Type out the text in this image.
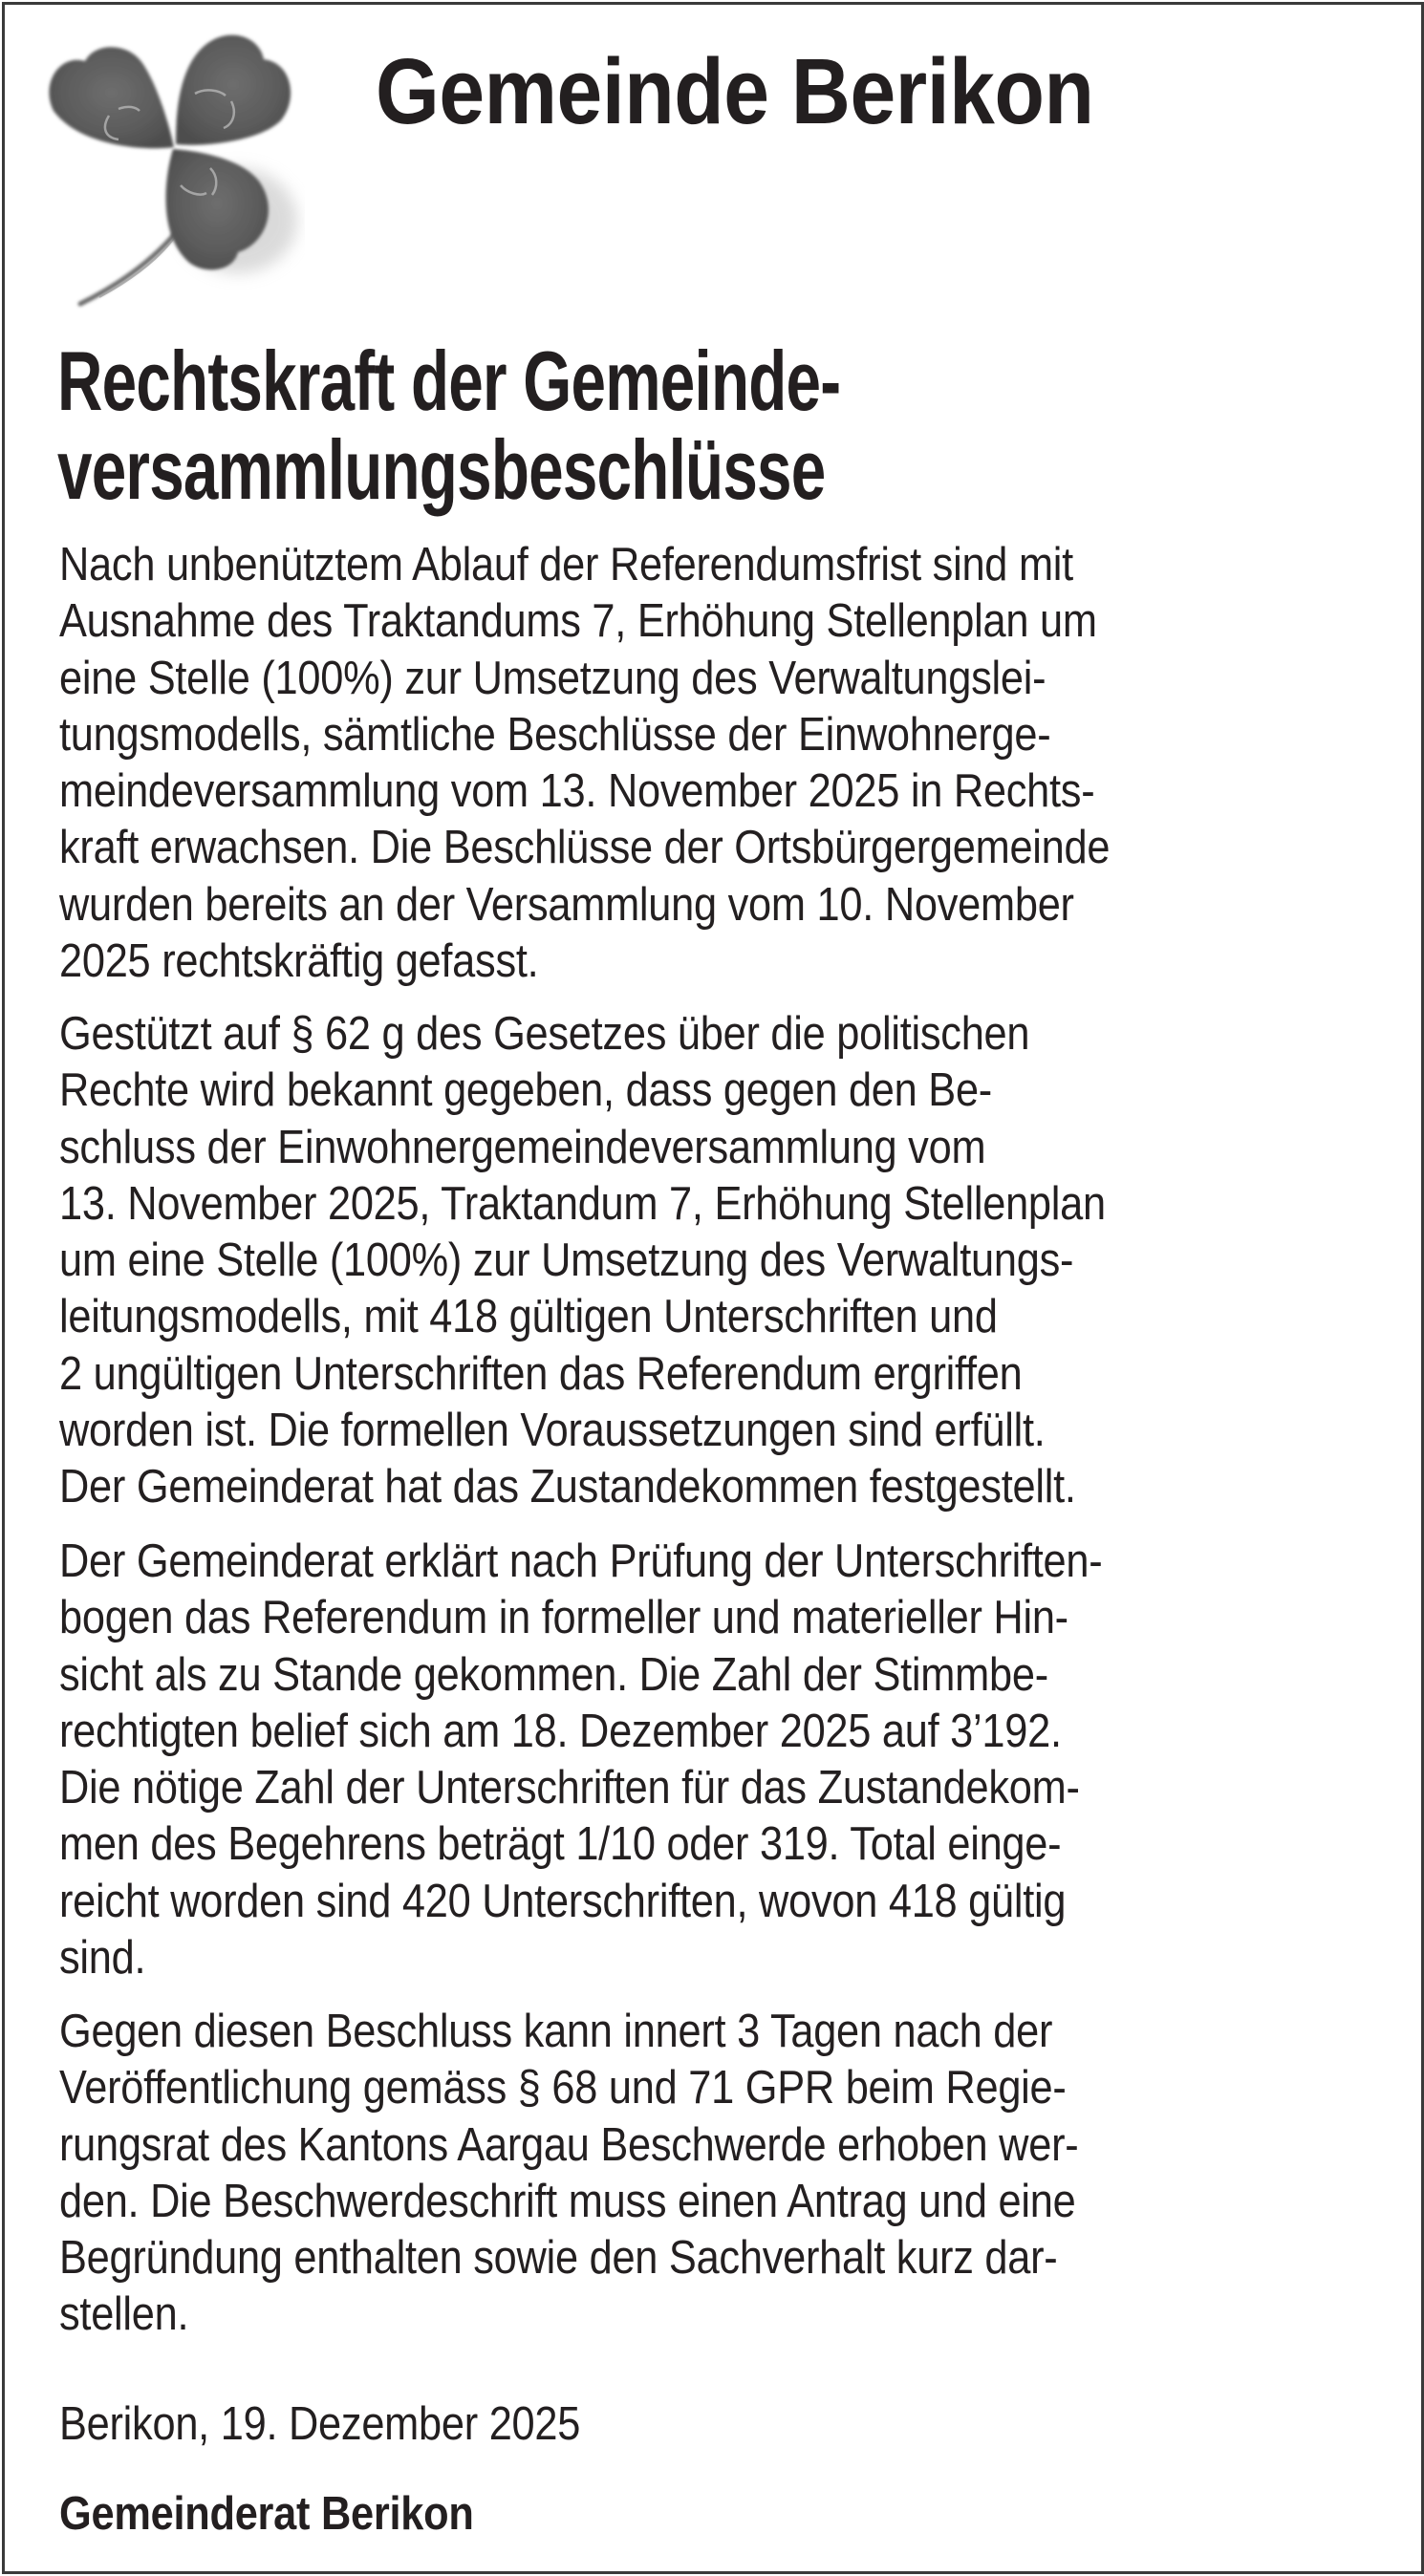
Gemeinde Berikon
Rechtskraft der Gemeinde-
versammlungsbeschlüsse

Nach unbenütztem Ablauf der Referendumsfrist sind mit
Ausnahme des Traktandums 7, Erhöhung Stellenplan um
eine Stelle (100%) zur Umsetzung des Verwaltungslei-
tungsmodells, sämtliche Beschlüsse der Einwohnerge-
meindeversammlung vom 13. November 2025 in Rechts-
kraft erwachsen. Die Beschlüsse der Ortsbürgergemeinde
wurden bereits an der Versammlung vom 10. November
2025 rechtskräftig gefasst.

Gestützt auf § 62 g des Gesetzes über die politischen
Rechte wird bekannt gegeben, dass gegen den Be-
schluss der Einwohnergemeindeversammlung vom
13. November 2025, Traktandum 7, Erhöhung Stellenplan
um eine Stelle (100%) zur Umsetzung des Verwaltungs-
leitungsmodells, mit 418 gültigen Unterschriften und
2 ungültigen Unterschriften das Referendum ergriffen
worden ist. Die formellen Voraussetzungen sind erfüllt.
Der Gemeinderat hat das Zustandekommen festgestellt.

Der Gemeinderat erklärt nach Prüfung der Unterschriften-
bogen das Referendum in formeller und materieller Hin-
sicht als zu Stande gekommen. Die Zahl der Stimmbe-
rechtigten belief sich am 18. Dezember 2025 auf 3’192.
Die nötige Zahl der Unterschriften für das Zustandekom-
men des Begehrens beträgt 1/10 oder 319. Total einge-
reicht worden sind 420 Unterschriften, wovon 418 gültig
sind.

Gegen diesen Beschluss kann innert 3 Tagen nach der
Veröffentlichung gemäss § 68 und 71 GPR beim Regie-
rungsrat des Kantons Aargau Beschwerde erhoben wer-
den. Die Beschwerdeschrift muss einen Antrag und eine
Begründung enthalten sowie den Sachverhalt kurz dar-
stellen.

Berikon, 19. Dezember 2025
Gemeinderat Berikon
